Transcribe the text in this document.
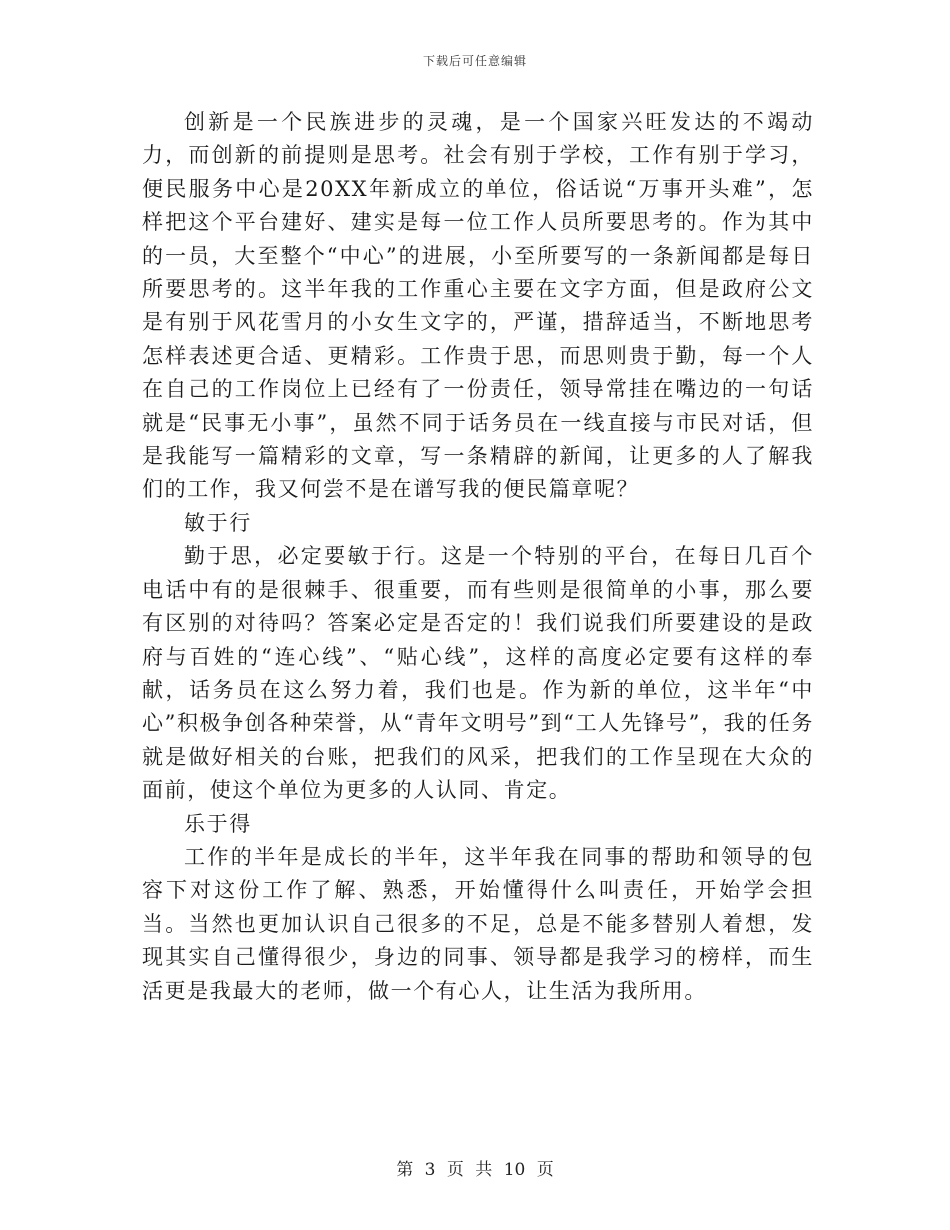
下载后可任意编辑

创新是一个民族进步的灵魂，是一个国家兴旺发达的不竭动力，而创新的前提则是思考。社会有别于学校，工作有别于学习，便民服务中心是20XX年新成立的单位，俗话说“万事开头难”，怎样把这个平台建好、建实是每一位工作人员所要思考的。作为其中的一员，大至整个“中心”的进展，小至所要写的一条新闻都是每日所要思考的。这半年我的工作重心主要在文字方面，但是政府公文是有别于风花雪月的小女生文字的，严谨，措辞适当，不断地思考怎样表述更合适、更精彩。工作贵于思，而思则贵于勤，每一个人在自己的工作岗位上已经有了一份责任，领导常挂在嘴边的一句话就是“民事无小事”，虽然不同于话务员在一线直接与市民对话，但是我能写一篇精彩的文章，写一条精辟的新闻，让更多的人了解我们的工作，我又何尝不是在谱写我的便民篇章呢？

敏于行

勤于思，必定要敏于行。这是一个特别的平台，在每日几百个电话中有的是很棘手、很重要，而有些则是很简单的小事，那么要有区别的对待吗？答案必定是否定的！我们说我们所要建设的是政府与百姓的“连心线”、“贴心线”，这样的高度必定要有这样的奉献，话务员在这么努力着，我们也是。作为新的单位，这半年“中心”积极争创各种荣誉，从“青年文明号”到“工人先锋号”，我的任务就是做好相关的台账，把我们的风采，把我们的工作呈现在大众的面前，使这个单位为更多的人认同、肯定。

乐于得

工作的半年是成长的半年，这半年我在同事的帮助和领导的包容下对这份工作了解、熟悉，开始懂得什么叫责任，开始学会担当。当然也更加认识自己很多的不足，总是不能多替别人着想，发现其实自己懂得很少，身边的同事、领导都是我学习的榜样，而生活更是我最大的老师，做一个有心人，让生活为我所用。

第 3 页 共 10 页
